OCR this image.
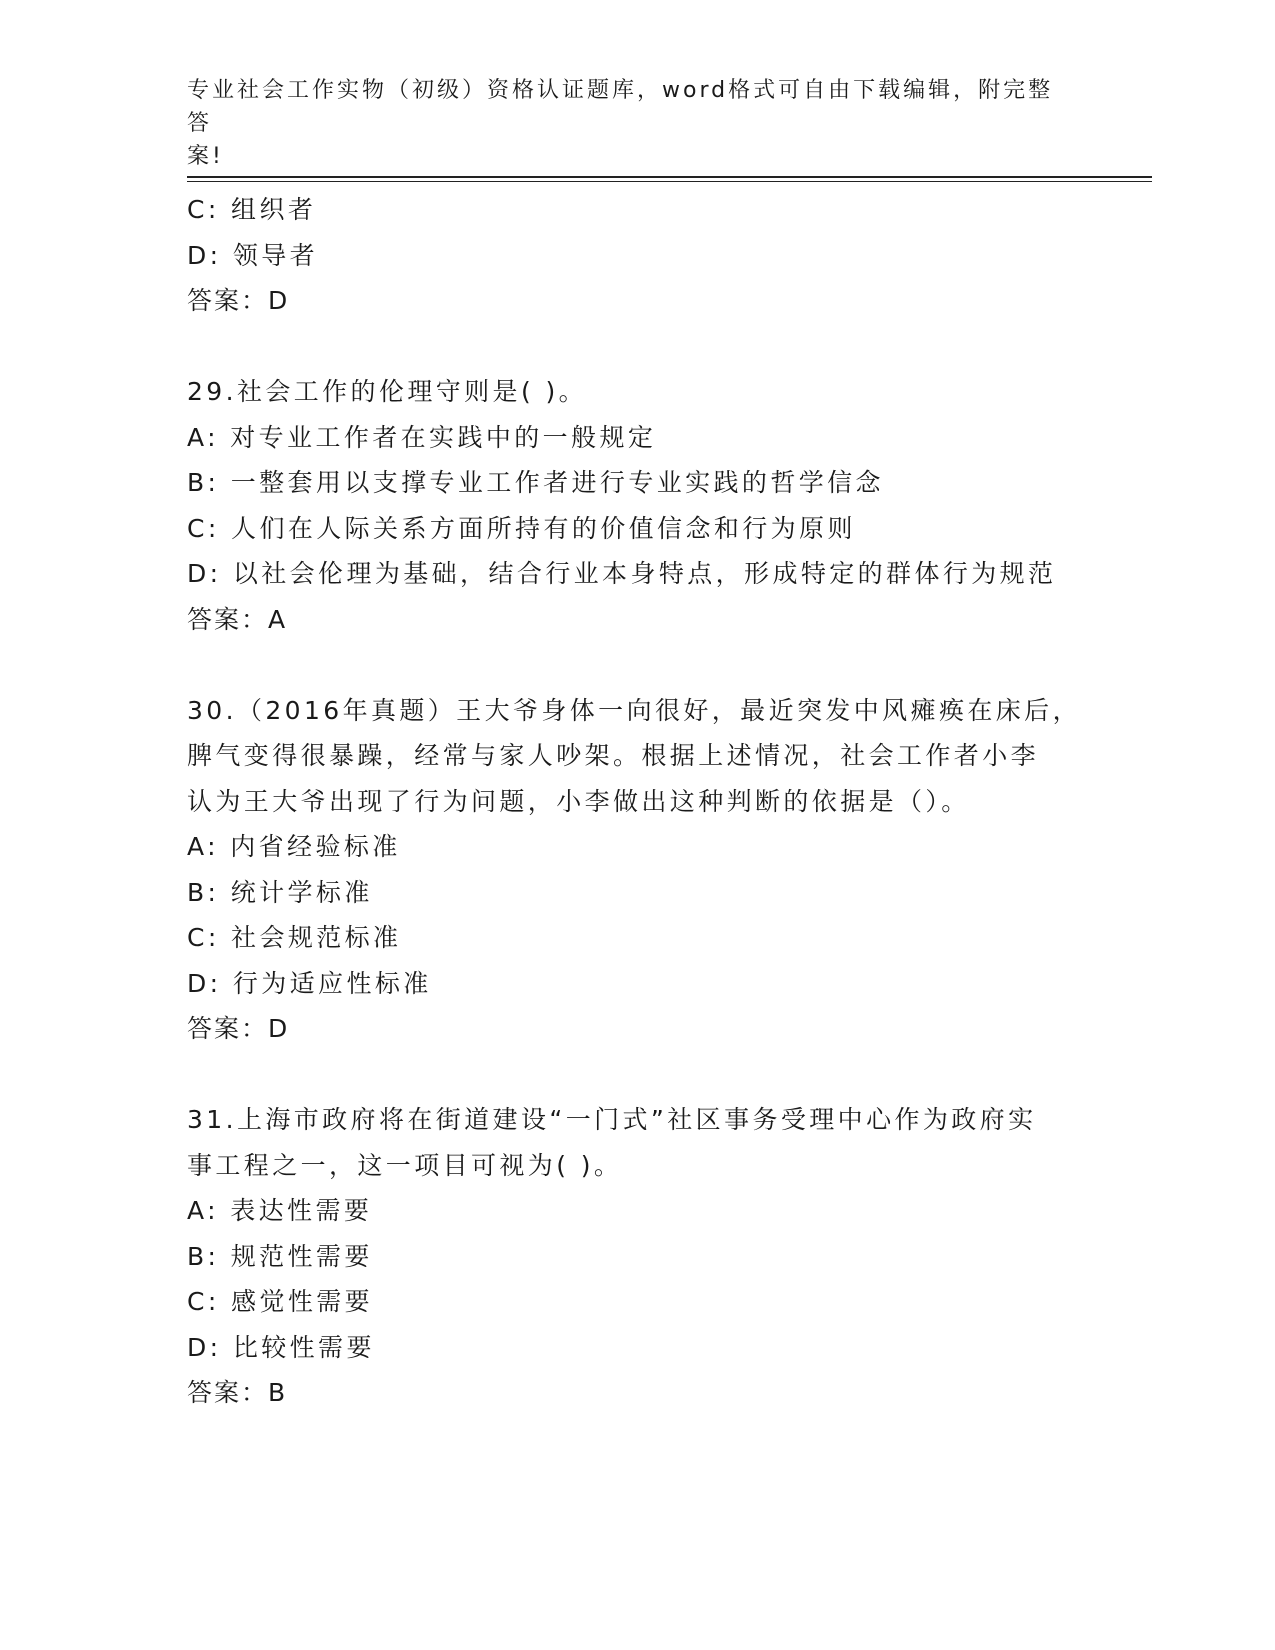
专业社会工作实物（初级）资格认证题库，word格式可自由下载编辑，附完整答
案!
C: 组织者
D: 领导者
答案：D
29.社会工作的伦理守则是( )。
A: 对专业工作者在实践中的一般规定
B: 一整套用以支撑专业工作者进行专业实践的哲学信念
C: 人们在人际关系方面所持有的价值信念和行为原则
D: 以社会伦理为基础，结合行业本身特点，形成特定的群体行为规范
答案：A
30.（2016年真题）王大爷身体一向很好，最近突发中风瘫痪在床后，
脾气变得很暴躁，经常与家人吵架。根据上述情况，社会工作者小李
认为王大爷出现了行为问题，小李做出这种判断的依据是（）。
A: 内省经验标准
B: 统计学标准
C: 社会规范标准
D: 行为适应性标准
答案：D
31.上海市政府将在街道建设“一门式”社区事务受理中心作为政府实
事工程之一，这一项目可视为( )。
A: 表达性需要
B: 规范性需要
C: 感觉性需要
D: 比较性需要
答案：B
